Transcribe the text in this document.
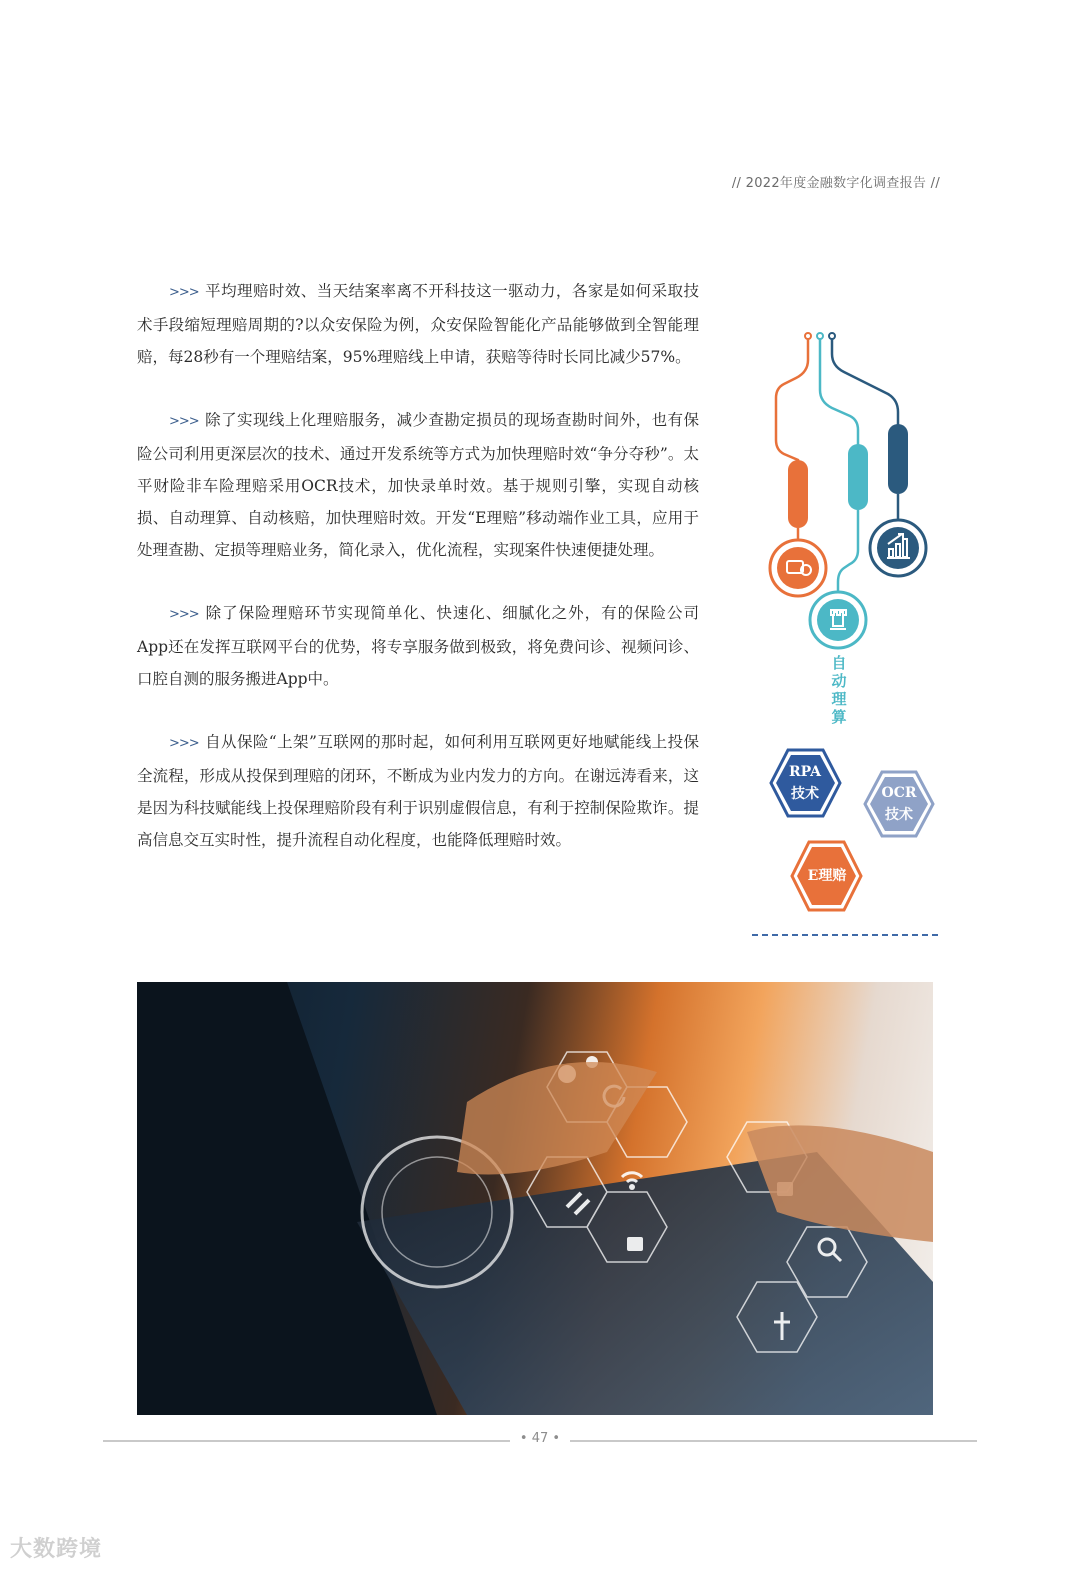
// 2022年度金融数字化调查报告 //

>>> 平均理赔时效、当天结案率离不开科技这一驱动力，各家是如何采取技术手段缩短理赔周期的?以众安保险为例，众安保险智能化产品能够做到全智能理赔，每28秒有一个理赔结案，95%理赔线上申请，获赔等待时长同比减少57%。

>>> 除了实现线上化理赔服务，减少查勘定损员的现场查勘时间外，也有保险公司利用更深层次的技术、通过开发系统等方式为加快理赔时效“争分夺秒”。太平财险非车险理赔采用OCR技术，加快录单时效。基于规则引擎，实现自动核损、自动理算、自动核赔，加快理赔时效。开发“E理赔”移动端作业工具，应用于处理查勘、定损等理赔业务，简化录入，优化流程，实现案件快速便捷处理。

>>> 除了保险理赔环节实现简单化、快速化、细腻化之外，有的保险公司App还在发挥互联网平台的优势，将专享服务做到极致，将免费问诊、视频问诊、口腔自测的服务搬进App中。

>>> 自从保险“上架”互联网的那时起，如何利用互联网更好地赋能线上投保全流程，形成从投保到理赔的闭环，不断成为业内发力的方向。在谢远涛看来，这是因为科技赋能线上投保理赔阶段有利于识别虚假信息，有利于控制保险欺诈。提高信息交互实时性，提升流程自动化程度，也能降低理赔时效。

自动理算
RPA
技术	OCR
技术
E理赔
• 47 •
大数跨境
